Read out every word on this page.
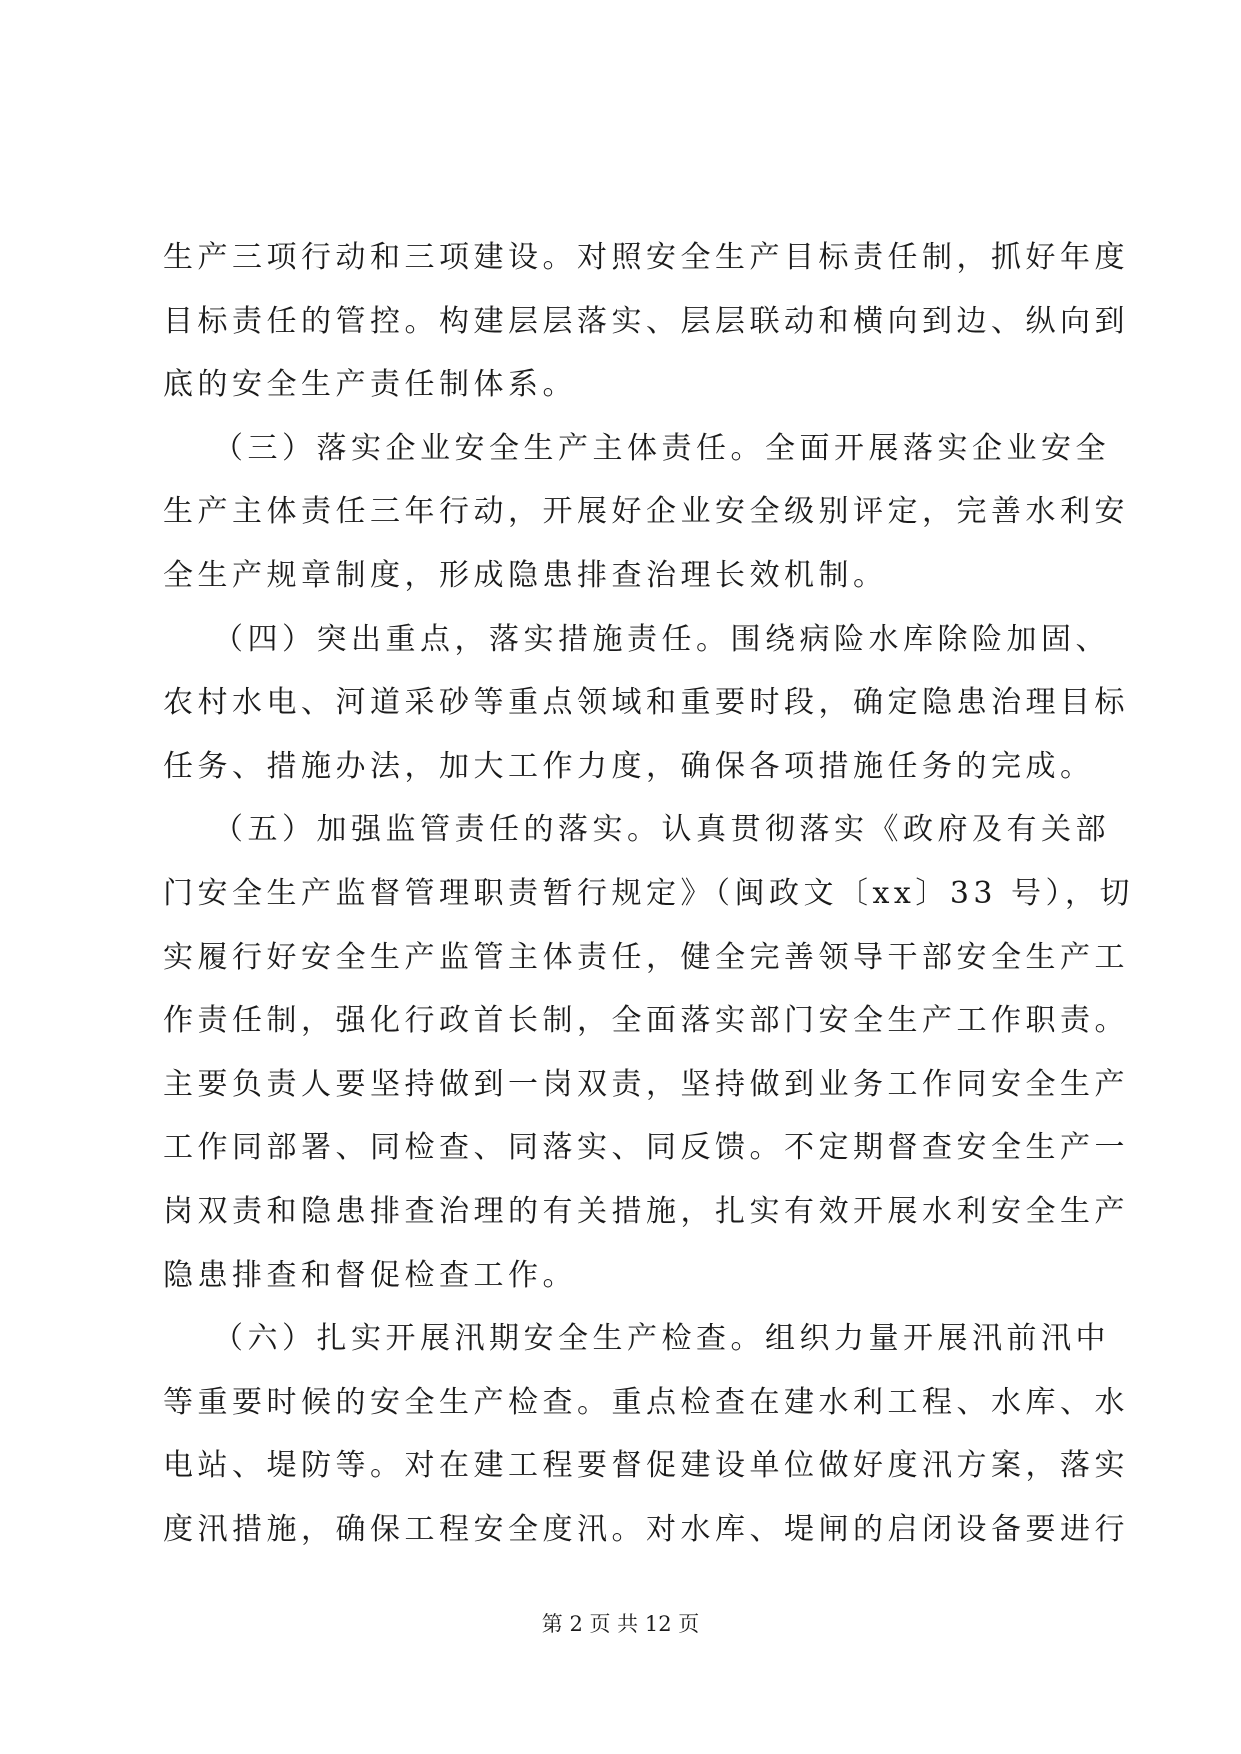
生产三项行动和三项建设。对照安全生产目标责任制，抓好年度
目标责任的管控。构建层层落实、层层联动和横向到边、纵向到
底的安全生产责任制体系。
（三）落实企业安全生产主体责任。全面开展落实企业安全
生产主体责任三年行动，开展好企业安全级别评定，完善水利安
全生产规章制度，形成隐患排查治理长效机制。
（四）突出重点，落实措施责任。围绕病险水库除险加固、
农村水电、河道采砂等重点领域和重要时段，确定隐患治理目标
任务、措施办法，加大工作力度，确保各项措施任务的完成。
（五）加强监管责任的落实。认真贯彻落实《政府及有关部
门安全生产监督管理职责暂行规定》（闽政文〔xx〕33 号），切
实履行好安全生产监管主体责任，健全完善领导干部安全生产工
作责任制，强化行政首长制，全面落实部门安全生产工作职责。
主要负责人要坚持做到一岗双责，坚持做到业务工作同安全生产
工作同部署、同检查、同落实、同反馈。不定期督查安全生产一
岗双责和隐患排查治理的有关措施，扎实有效开展水利安全生产
隐患排查和督促检查工作。
（六）扎实开展汛期安全生产检查。组织力量开展汛前汛中
等重要时候的安全生产检查。重点检查在建水利工程、水库、水
电站、堤防等。对在建工程要督促建设单位做好度汛方案，落实
度汛措施，确保工程安全度汛。对水库、堤闸的启闭设备要进行
第 2 页 共 12 页
